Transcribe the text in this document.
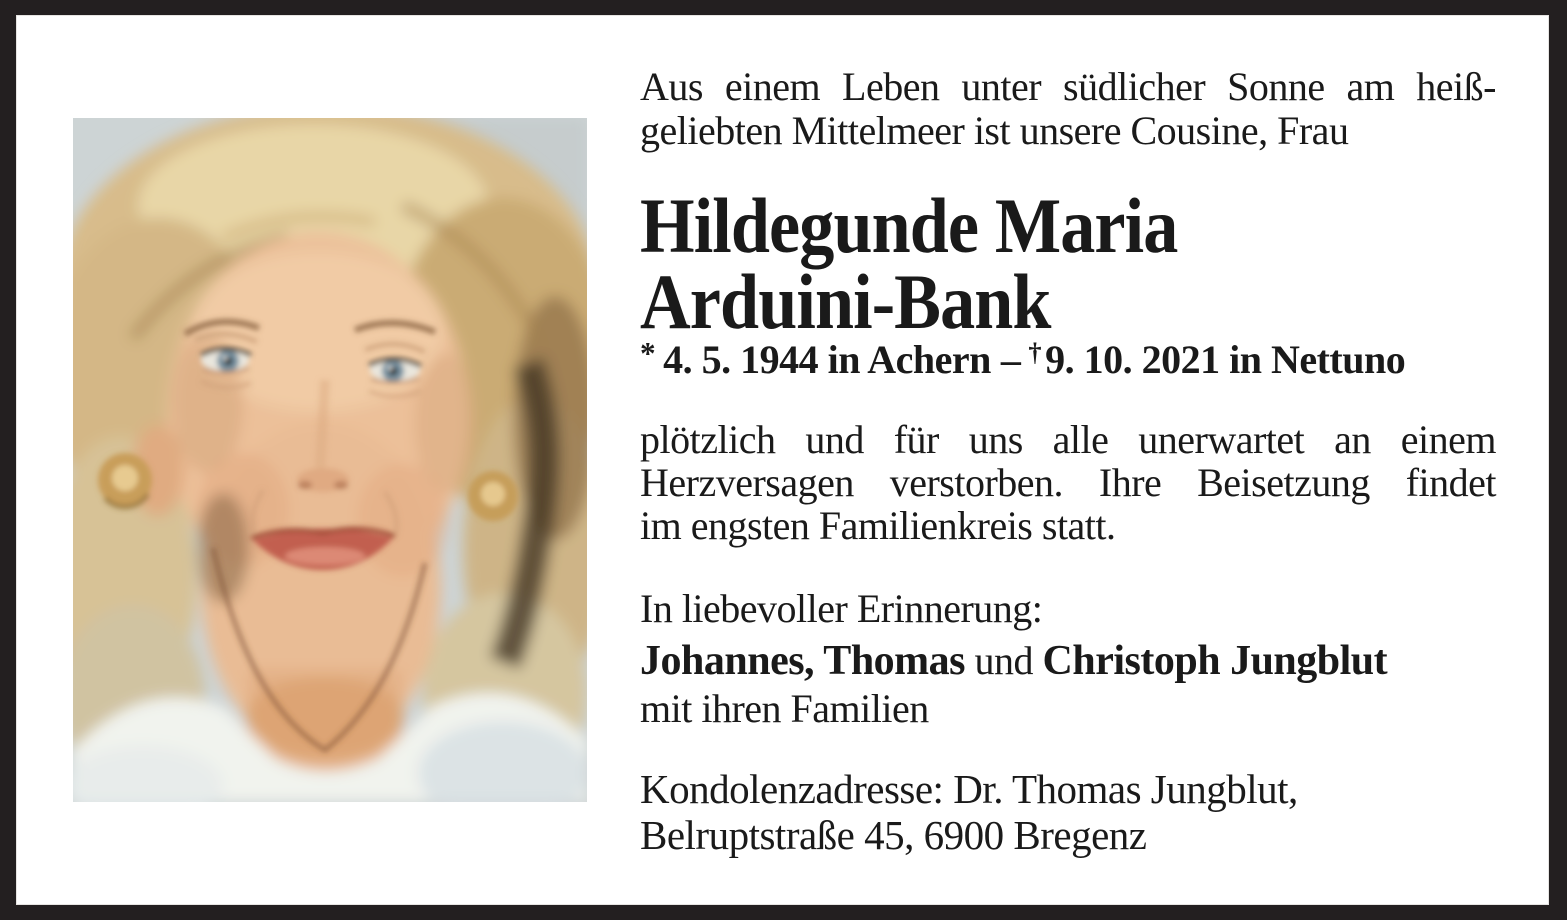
Aus einem Leben unter südlicher Sonne am heiß-
geliebten Mittelmeer ist unsere Cousine, Frau
Hildegunde Maria
Arduini-Bank
* 4. 5. 1944 in Achern – † 9. 10. 2021 in Nettuno
plötzlich und für uns alle unerwartet an einem
Herzversagen verstorben. Ihre Beisetzung findet
im engsten Familienkreis statt.
In liebevoller Erinnerung:
Johannes, Thomas und Christoph Jungblut
mit ihren Familien
Kondolenzadresse: Dr. Thomas Jungblut,
Belruptstraße 45, 6900 Bregenz
